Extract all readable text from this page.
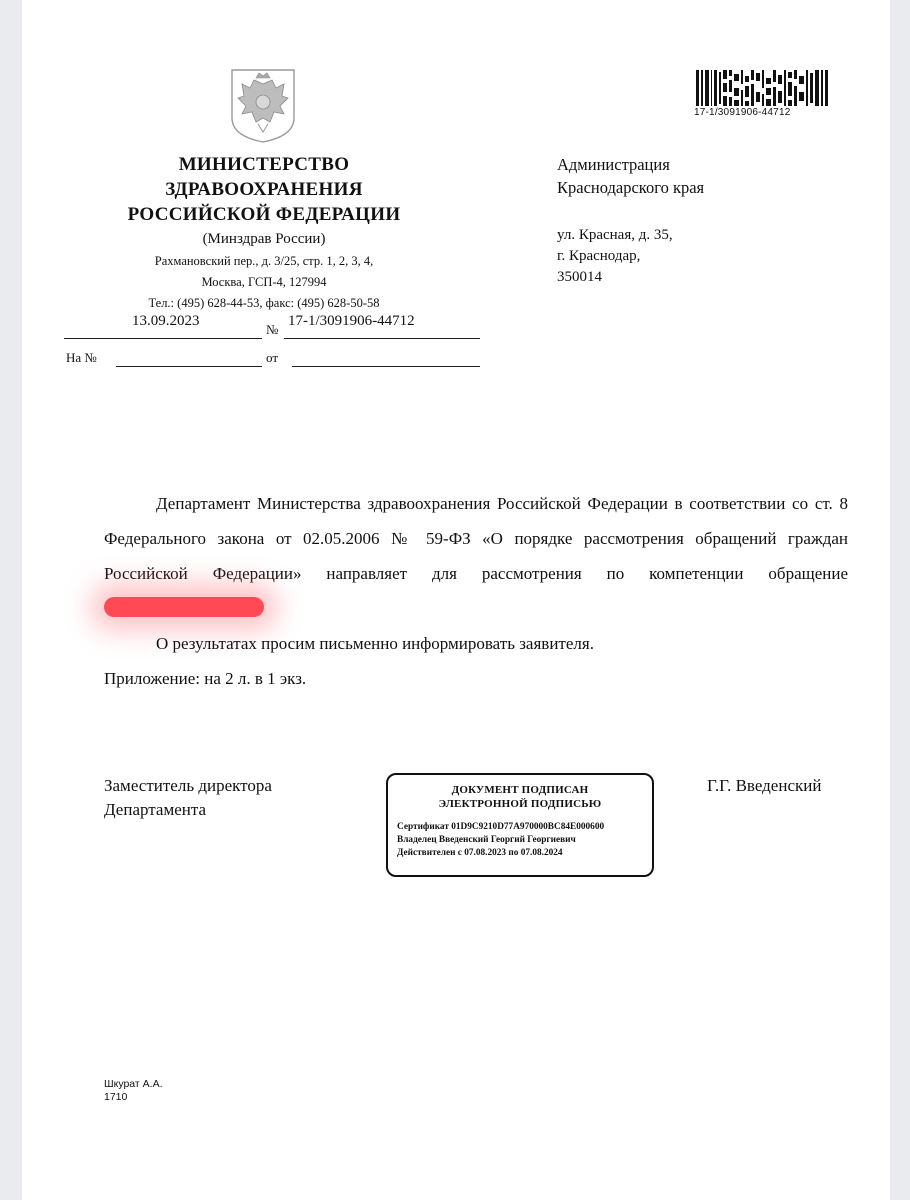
17-1/3091906-44712
МИНИСТЕРСТВО
ЗДРАВООХРАНЕНИЯ
РОССИЙСКОЙ ФЕДЕРАЦИИ
(Минздрав России)
Рахмановский пер., д. 3/25, стр. 1, 2, 3, 4,
Москва, ГСП-4, 127994
Тел.: (495) 628-44-53, факс: (495) 628-50-58
13.09.2023
№
17-1/3091906-44712
На №	от
Администрация
Краснодарского края
ул. Красная, д. 35,
г. Краснодар,
350014

Департамент Министерства здравоохранения Российской Федерации в соответствии со ст. 8 Федерального закона от 02.05.2006 № 59-ФЗ «О порядке рассмотрения обращений граждан Российской Федерации» направляет для рассмотрения по компетенции обращение

О результатах просим письменно информировать заявителя.

Приложение: на 2 л. в 1 экз.

Заместитель директора
Департамента
ДОКУМЕНТ ПОДПИСАН
ЭЛЕКТРОННОЙ ПОДПИСЬЮ
Сертификат 01D9C9210D77A970000BC84E000600
Владелец Введенский Георгий Георгиевич
Действителен с 07.08.2023 по 07.08.2024
Г.Г. Введенский
Шкурат А.А.
1710
